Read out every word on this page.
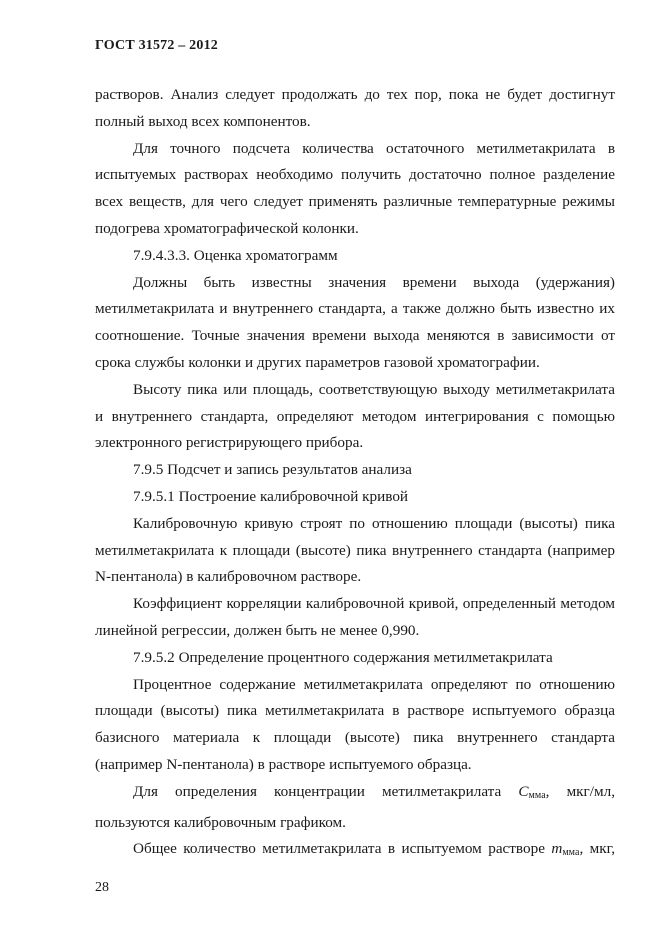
ГОСТ 31572 – 2012

растворов. Анализ следует продолжать до тех пор, пока не будет достигнут полный выход всех компонентов.

Для точного подсчета количества остаточного метилметакрилата в испытуемых растворах необходимо получить достаточно полное разделение всех веществ, для чего следует применять различные температурные режимы подогрева хроматографической колонки.

7.9.4.3.3. Оценка хроматограмм

Должны быть известны значения времени выхода (удержания) метилметакрилата и внутреннего стандарта, а также должно быть известно их соотношение. Точные значения времени выхода меняются в зависимости от срока службы колонки и других параметров газовой хроматографии.

Высоту пика или площадь, соответствующую выходу метилметакрилата и внутреннего стандарта, определяют методом интегрирования с помощью электронного регистрирующего прибора.

7.9.5 Подсчет и запись результатов анализа

7.9.5.1 Построение калибровочной кривой

Калибровочную кривую строят по отношению площади (высоты) пика метилметакрилата к площади (высоте) пика внутреннего стандарта (например N-пентанола) в калибровочном растворе.

Коэффициент корреляции калибровочной кривой, определенный методом линейной регрессии, должен быть не менее 0,990.

7.9.5.2 Определение процентного содержания метилметакрилата

Процентное содержание метилметакрилата определяют по отношению площади (высоты) пика метилметакрилата в растворе испытуемого образца базисного материала к площади (высоте) пика внутреннего стандарта (например N-пентанола) в растворе испытуемого образца.

Для определения концентрации метилметакрилата $C_{ммa}$, мкг/мл, пользуются калибровочным графиком.

Общее количество метилметакрилата в испытуемом растворе $m_{ммa}$, мкг,

28
